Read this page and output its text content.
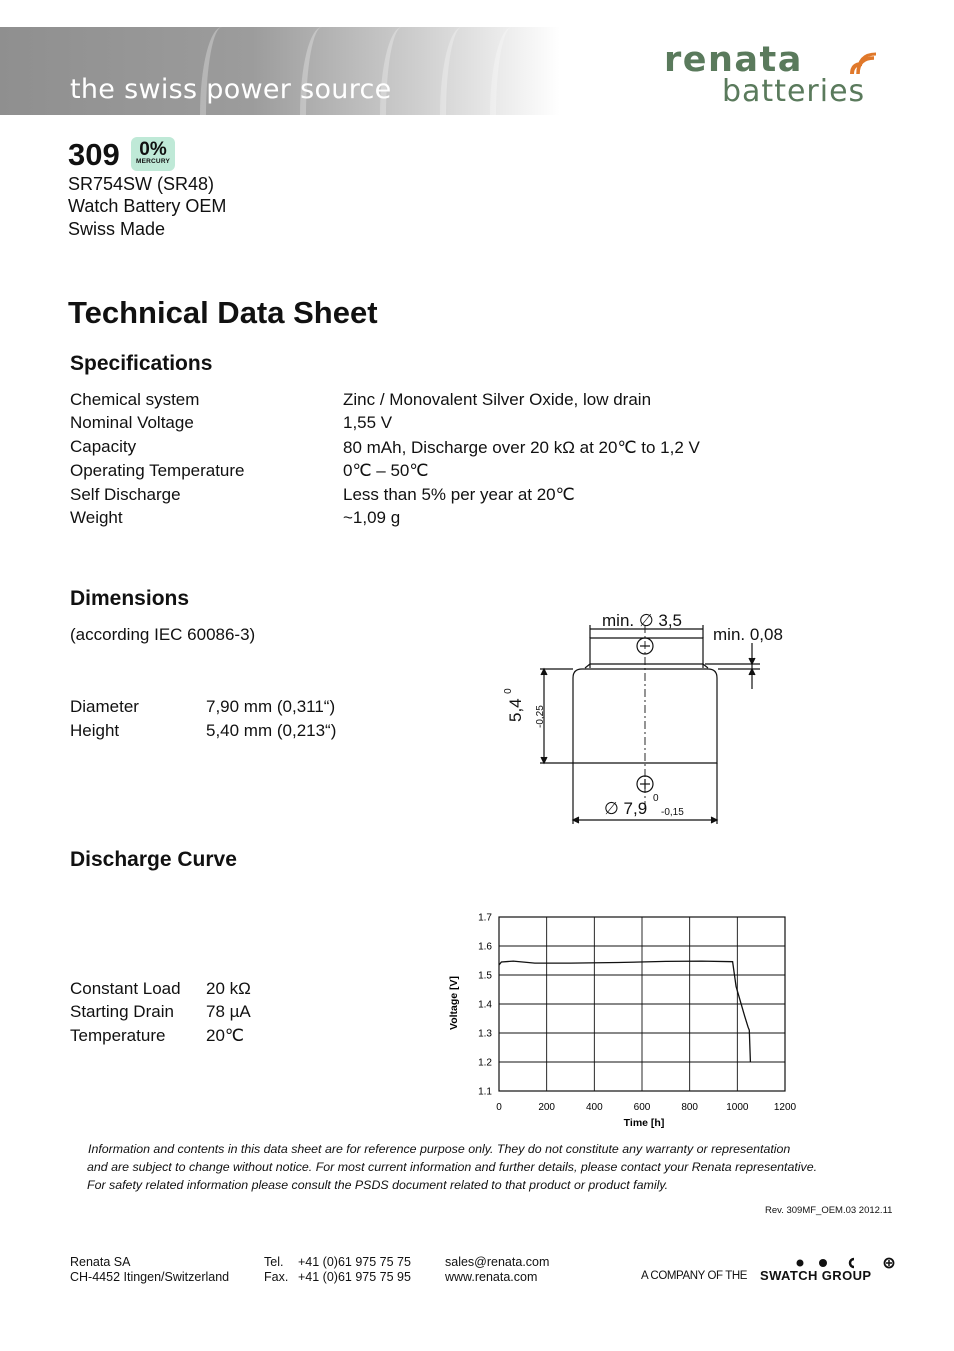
the swiss power source
renata
batteries
309	0%
MERCURY
SR754SW (SR48)
Watch Battery OEM
Swiss Made
Technical Data Sheet
Specifications
Chemical system	Zinc / Monovalent Silver Oxide, low drain
Nominal Voltage	1,55 V
Capacity	80 mAh, Discharge over 20 kΩ at 20℃ to 1,2 V
Operating Temperature	0℃ – 50℃
Self Discharge	Less than 5% per year at 20℃
Weight	~1,09 g
Dimensions
(according IEC 60086-3)
Diameter	7,90 mm (0,311“)
Height	5,40 mm (0,213“)
min. ∅ 3,5
min. 0,08
5,4 $^0$ $_{-0,25}$
∅ 7,9
0
-0,15
Discharge Curve
Constant Load 20 kΩ
Starting Drain 78 µA
Temperature 20℃
0	200	400	600	800	1000	1200
1.1
1.2
1.3
1.4
1.5
1.6
1.7
Time [h]
Voltage [V]
Information and contents in this data sheet are for reference purpose only. They do not constitute any warranty or representation
and are subject to change without notice. For most current information and further details, please contact your Renata representative.
For safety related information please consult the PSDS document related to that product or product family.
Rev. 309MF_OEM.03 2012.11
Renata SA
CH-4452 Itingen/Switzerland
Tel. +41 (0)61 975 75 75
Fax. +41 (0)61 975 75 95
sales@renata.com
www.renata.com	A COMPANY OF THE SWATCH GROUP
